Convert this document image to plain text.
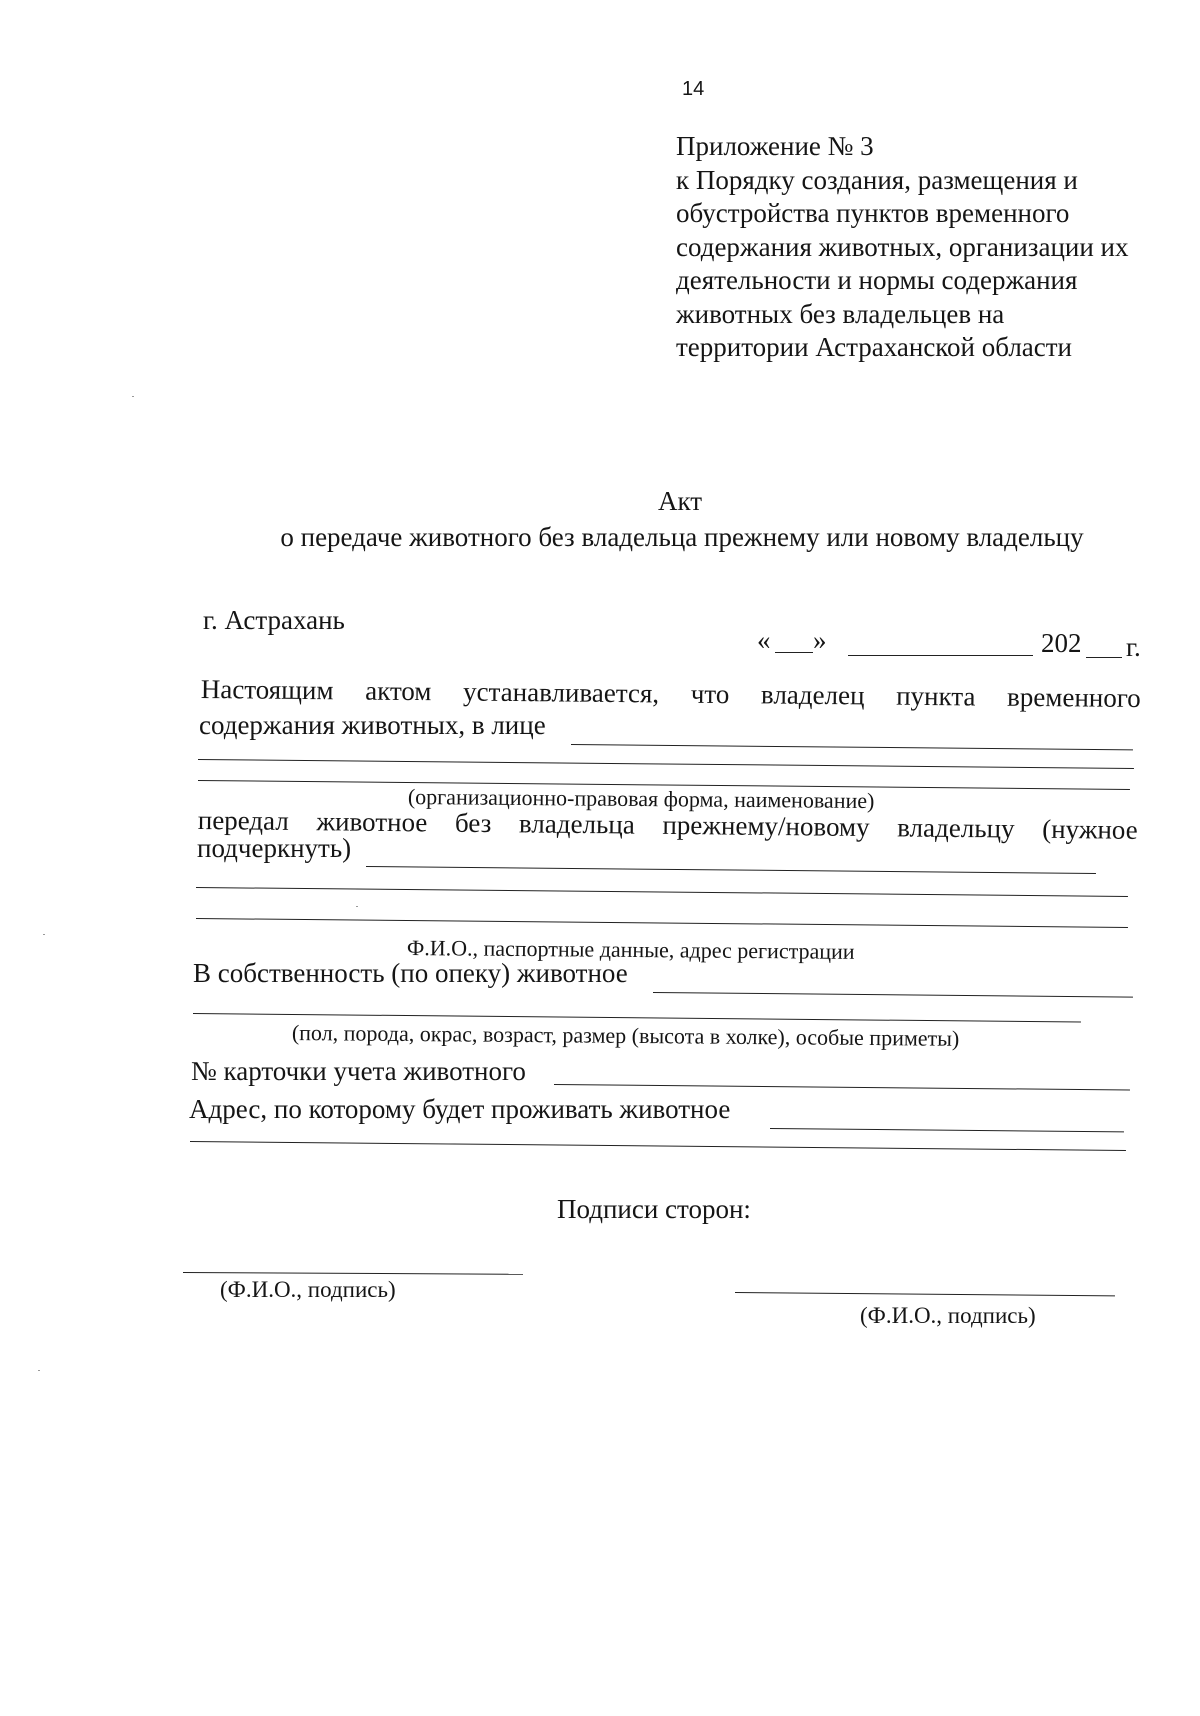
14
Приложение № 3
к Порядку создания, размещения и
обустройства пунктов временного
содержания животных, организации их
деятельности и нормы содержания
животных без владельцев на
территории Астраханской области
Акт
о передаче животного без владельца прежнему или новому владельцу
г. Астрахань
« »	202 г.
Настоящим актом устанавливается, что владелец пункта временного
содержания животных, в лице
(организационно-правовая форма, наименование)
передал животное без владельца прежнему/новому владельцу (нужное
подчеркнуть)
Ф.И.О., паспортные данные, адрес регистрации
В собственность (по опеку) животное
(пол, порода, окрас, возраст, размер (высота в холке), особые приметы)
№ карточки учета животного
Адрес, по которому будет проживать животное
Подписи сторон:
(Ф.И.О., подпись)
(Ф.И.О., подпись)
